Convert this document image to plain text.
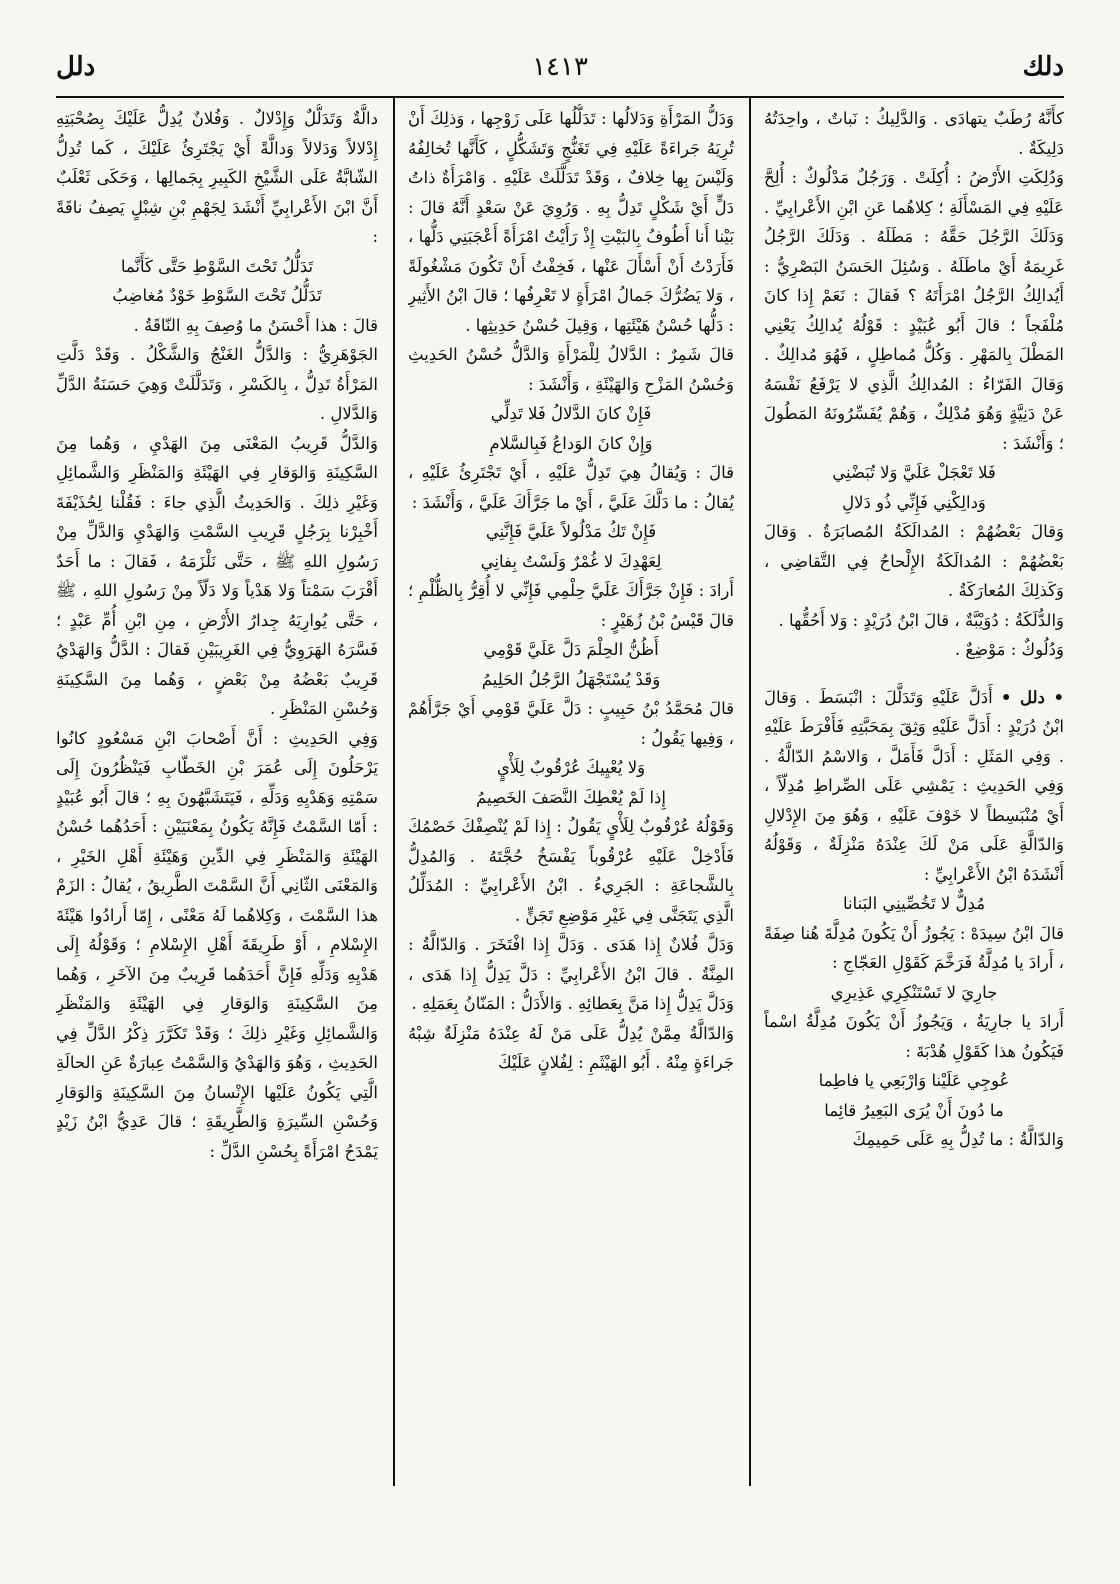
دلك
١٤١٣
دلل

كأَنَّهُ رُطَبٌ يتهادَى . وَالدَّلِيكُ : نَباتٌ ، واحِدَتُهُ دَلِيكَةٌ .

وَدُلِكَتِ الأَرْضُ : أُكِلَتْ . وَرَجُلٌ مَدْلُوكٌ : أُلِحَّ عَلَيْهِ فِي المَسْأَلَةِ ؛ كِلاهُما عَنِ ابْنِ الأَعْرابِيِّ . وَدَلَكَ الرَّجُلَ حَقَّهُ : مَطَلَهُ . وَدَلَكَ الرَّجُلُ غَرِيمَهُ أَيْ ماطَلَهُ . وَسُئِلَ الحَسَنُ البَصْرِيُّ : أَيُدالِكُ الرَّجُلُ امْرَأَتَهُ ؟ فَقالَ : نَعَمْ إِذا كانَ مُلْفَجاً ؛ قالَ أَبُو عُبَيْدٍ : قَوْلُهُ يُدالِكُ يَعْنِي المَطْلَ بِالمَهْرِ . وَكُلُّ مُماطِلٍ ، فَهُوَ مُدالِكٌ . وَقالَ الفَرّاءُ : المُدالِكُ الَّذِي لا يَرْفَعُ نَفْسَهُ عَنْ دَنِيَّةٍ وَهُوَ مُدْلِكٌ ، وَهُمْ يُفَسِّرُونَهُ المَطُولَ ؛ وَأَنْشَدَ :

فَلا تَعْجَلْ عَلَيَّ وَلا تُبَضْنِي

وَدالِكْنِي فَإِنِّي ذُو دَلالِ

وَقالَ بَعْضُهُمْ : المُدالَكَةُ المُصابَرَةُ . وَقالَ بَعْضُهُمْ : المُدالَكَةُ الإِلْحاحُ فِي التَّقاضِي ، وَكَذلِكَ المُعارَكَةُ .

وَالدُّلَكَةُ : دُوَيْبَّةٌ ، قالَ ابْنُ دُرَيْدٍ : وَلا أَحُقُّها .

وَدُلُوكٌ : مَوْضِعٌ .

• دلل • أَدَلَّ عَلَيْهِ وَتَدَلَّلَ : انْبَسَطَ . وَقالَ ابْنُ دُرَيْدٍ : أَدَلَّ عَلَيْهِ وَثِقَ بِمَحَبَّتِهِ فَأَفْرَطَ عَلَيْهِ . وَفِي المَثَلِ : أَدَلَّ فَأَمَلَّ ، وَالاسْمُ الدّالَّةُ . وَفِي الحَدِيثِ : يَمْشِي عَلَى الصِّراطِ مُدِلّاً ، أَيْ مُنْبَسِطاً لا خَوْفَ عَلَيْهِ ، وَهُوَ مِنَ الإِدْلالِ وَالدّالَّةِ عَلَى مَنْ لَكَ عِنْدَهُ مَنْزِلَةٌ ، وَقَوْلُهُ أَنْشَدَهُ ابْنُ الأَعْرابِيِّ :

مُدِلٌّ لا تَخُصِّينِي البَنانا

قالَ ابْنُ سِيدَهْ : يَجُوزُ أَنْ يَكُونَ مُدِلَّةَ هُنا صِفَةً ، أَرادَ يا مُدِلَّةُ فَرَخَّمَ كَقَوْلِ العَجّاجِ :

جارِيَ لا تَسْتَنْكِرِي عَذِيرِي

أَرادَ يا جارِيَةُ ، وَيَجُوزُ أَنْ يَكُونَ مُدِلَّةُ اسْماً فَيَكُونُ هذا كَقَوْلِ هُدْبَةَ :

عُوجِي عَلَيْنا وَارْبَعِي يا فاطِما

ما دُونَ أَنْ يُرَى البَعِيرُ قائِما

وَالدّالَّةُ : ما تُدِلُّ بِهِ عَلَى حَمِيمِكَ

وَدَلُّ المَرْأَةِ وَدَلالُها : تَدَلُّلُها عَلَى زَوْجِها ، وَذلِكَ أَنْ تُرِيَهُ جَراءَةً عَلَيْهِ فِي تَغَنُّجٍ وَتَشَكُّلٍ ، كَأَنَّها تُخالِفُهُ وَلَيْسَ بِها خِلافٌ ، وَقَدْ تَدَلَّلَتْ عَلَيْهِ . وَامْرَأَةٌ ذاتُ دَلٍّ أَيْ شَكْلٍ تَدِلُّ بِهِ . وَرُوِيَ عَنْ سَعْدٍ أَنَّهُ قالَ : بَيْنا أَنا أَطُوفُ بِالبَيْتِ إِذْ رَأَيْتُ امْرَأَةً أَعْجَبَنِي دَلُّها ، فَأَرَدْتُ أَنْ أَسْأَلَ عَنْها ، فَخِفْتُ أَنْ تَكُونَ مَشْغُولَةً ، وَلا يَضُرُّكَ جَمالُ امْرَأَةٍ لا تَعْرِفُها ؛ قالَ ابْنُ الأَثِيرِ : دَلُّها حُسْنُ هَيْئَتِها ، وَقِيلَ حُسْنُ حَدِيثِها .

قالَ شَمِرٌ : الدَّلالُ لِلْمَرْأَةِ وَالدَّلُّ حُسْنُ الحَدِيثِ وَحُسْنُ المَزْحِ وَالهَيْئَةِ ، وَأَنْشَدَ :

فَإِنْ كانَ الدَّلالُ فَلا تَدِلِّي

وَإِنْ كانَ الوَداعُ فَبِالسَّلامِ

قالَ : وَيُقالُ هِيَ تَدِلُّ عَلَيْهِ ، أَيْ تَجْتَرِئُ عَلَيْهِ ، يُقالُ : ما دَلَّكَ عَلَيَّ ، أَيْ ما جَرَّأَكَ عَلَيَّ ، وَأَنْشَدَ :

فَإِنْ تَكُ مَدْلُولاً عَلَيَّ فَإِنَّنِي

لِعَهْدِكَ لا غُمْرٌ وَلَسْتُ بِفانِي

أَرادَ : فَإِنْ جَرَّأَكَ عَلَيَّ حِلْمِي فَإِنِّي لا أُقِرُّ بِالظُّلْمِ ؛ قالَ قَيْسُ بْنُ زُهَيْرٍ :

أَظُنُّ الحِلْمَ دَلَّ عَلَيَّ قَوْمِي

وَقَدْ يُسْتَجْهَلُ الرَّجُلُ الحَلِيمُ

قالَ مُحَمَّدُ بْنُ حَبِيبٍ : دَلَّ عَلَيَّ قَوْمِي أَيْ جَرَّأَهُمْ ، وَفِيها يَقُولُ :

وَلا يُعْيِيكَ عُرْقُوبٌ لِلَأْيٍ

إِذا لَمْ يُعْطِكَ النَّصَفَ الخَصِيمُ

وَقَوْلُهُ عُرْقُوبٌ لِلَأْيٍ يَقُولُ : إِذا لَمْ يُنْصِفْكَ خَصْمُكَ فَأَدْخِلْ عَلَيْهِ عُرْقُوباً يَفْسَخُ حُجَّتَهُ . وَالمُدِلُّ بِالشَّجاعَةِ : الجَرِيءُ . ابْنُ الأَعْرابِيِّ : المُدَلِّلُ الَّذِي يَتَجَنَّى فِي غَيْرِ مَوْضِعِ تَجَنٍّ .

وَدَلَّ فُلانٌ إِذا هَدَى . وَدَلَّ إِذا افْتَخَرَ . وَالدّالَّةُ : المِنَّةُ . قالَ ابْنُ الأَعْرابِيِّ : دَلَّ يَدِلُّ إِذا هَدَى ، وَدَلَّ يَدِلُّ إِذا مَنَّ بِعَطائِهِ . وَالأَدَلُّ : المَنّانُ بِعَمَلِهِ .

وَالدّالَّةُ مِمَّنْ يُدِلُّ عَلَى مَنْ لَهُ عِنْدَهُ مَنْزِلَةٌ شِبْهُ جَراءَةٍ مِنْهُ . أَبُو الهَيْثَمِ : لِفُلانٍ عَلَيْكَ

دالَّةٌ وَتَدَلُّلٌ وَإِدْلالٌ . وَفُلانٌ يُدِلُّ عَلَيْكَ بِصُحْبَتِهِ إِدْلالاً وَدَلالاً وَدالَّةً أَيْ يَجْتَرِئُ عَلَيْكَ ، كَما تُدِلُّ الشّابَّةُ عَلَى الشَّيْخِ الكَبِيرِ بِجَمالِها ، وَحَكَى ثَعْلَبٌ أَنَّ ابْنَ الأَعْرابِيِّ أَنْشَدَ لِجَهْمِ بْنِ شِبْلٍ يَصِفُ ناقَةً :

تَدَلُّلُ تَحْتَ السَّوْطِ حَتَّى كَأَنَّما

تَدَلُّلُ تَحْتَ السَّوْطِ خَوْدٌ مُغاضِبُ

قالَ : هذا أَحْسَنُ ما وُصِفَ بِهِ النّاقَةُ .

الجَوْهَرِيُّ : وَالدَّلُّ الغَنْجُ وَالشَّكْلُ . وَقَدْ دَلَّتِ المَرْأَةُ تَدِلُّ ، بِالكَسْرِ ، وَتَدَلَّلَتْ وَهِيَ حَسَنَةُ الدَّلِّ وَالدَّلالِ .

وَالدَّلُّ قَرِيبُ المَعْنَى مِنَ الهَدْيِ ، وَهُما مِنَ السَّكِينَةِ وَالوَقارِ فِي الهَيْئَةِ وَالمَنْظَرِ وَالشَّمائِلِ وَغَيْرِ ذلِكَ . وَالحَدِيثُ الَّذِي جاءَ : فَقُلْنا لِحُذَيْفَةَ أَخْبِرْنا بِرَجُلٍ قَرِيبِ السَّمْتِ وَالهَدْيِ وَالدَّلِّ مِنْ رَسُولِ اللهِ ﷺ ، حَتَّى نَلْزَمَهُ ، فَقالَ : ما أَحَدٌ أَقْرَبَ سَمْتاً وَلا هَدْياً وَلا دَلّاً مِنْ رَسُولِ اللهِ ، ﷺ ، حَتَّى يُوارِيَهُ جِدارُ الأَرْضِ ، مِنِ ابْنِ أُمِّ عَبْدٍ ؛ فَسَّرَهُ الهَرَوِيُّ فِي الغَرِيبَيْنِ فَقالَ : الدَّلُّ وَالهَدْيُ قَرِيبٌ بَعْضُهُ مِنْ بَعْضٍ ، وَهُما مِنَ السَّكِينَةِ وَحُسْنِ المَنْظَرِ .

وَفِي الحَدِيثِ : أَنَّ أَصْحابَ ابْنِ مَسْعُودٍ كانُوا يَرْحَلُونَ إِلَى عُمَرَ بْنِ الخَطّابِ فَيَنْظُرُونَ إِلَى سَمْتِهِ وَهَدْيِهِ وَدَلِّهِ ، فَيَتَشَبَّهُونَ بِهِ ؛ قالَ أَبُو عُبَيْدٍ : أَمّا السَّمْتُ فَإِنَّهُ يَكُونُ بِمَعْنَيَيْنِ : أَحَدُهُما حُسْنُ الهَيْئَةِ وَالمَنْظَرِ فِي الدِّينِ وَهَيْئَةِ أَهْلِ الخَيْرِ ، وَالمَعْنَى الثّانِي أَنَّ السَّمْتَ الطَّرِيقُ ، يُقالُ : الزَمْ هذا السَّمْتَ ، وَكِلاهُما لَهُ مَعْنًى ، إِمّا أَرادُوا هَيْئَةَ الإِسْلامِ ، أَوْ طَرِيقَةَ أَهْلِ الإِسْلامِ ؛ وَقَوْلُهُ إِلَى هَدْيِهِ وَدَلِّهِ فَإِنَّ أَحَدَهُما قَرِيبٌ مِنَ الآخَرِ ، وَهُما مِنَ السَّكِينَةِ وَالوَقارِ فِي الهَيْئَةِ وَالمَنْظَرِ وَالشَّمائِلِ وَغَيْرِ ذلِكَ ؛ وَقَدْ تَكَرَّرَ ذِكْرُ الدَّلِّ فِي الحَدِيثِ ، وَهُوَ وَالهَدْيُ وَالسَّمْتُ عِبارَةٌ عَنِ الحالَةِ الَّتِي يَكُونُ عَلَيْها الإِنْسانُ مِنَ السَّكِينَةِ وَالوَقارِ وَحُسْنِ السِّيرَةِ وَالطَّرِيقَةِ ؛ قالَ عَدِيُّ ابْنُ زَيْدٍ يَمْدَحُ امْرَأَةً بِحُسْنِ الدَّلِّ :
